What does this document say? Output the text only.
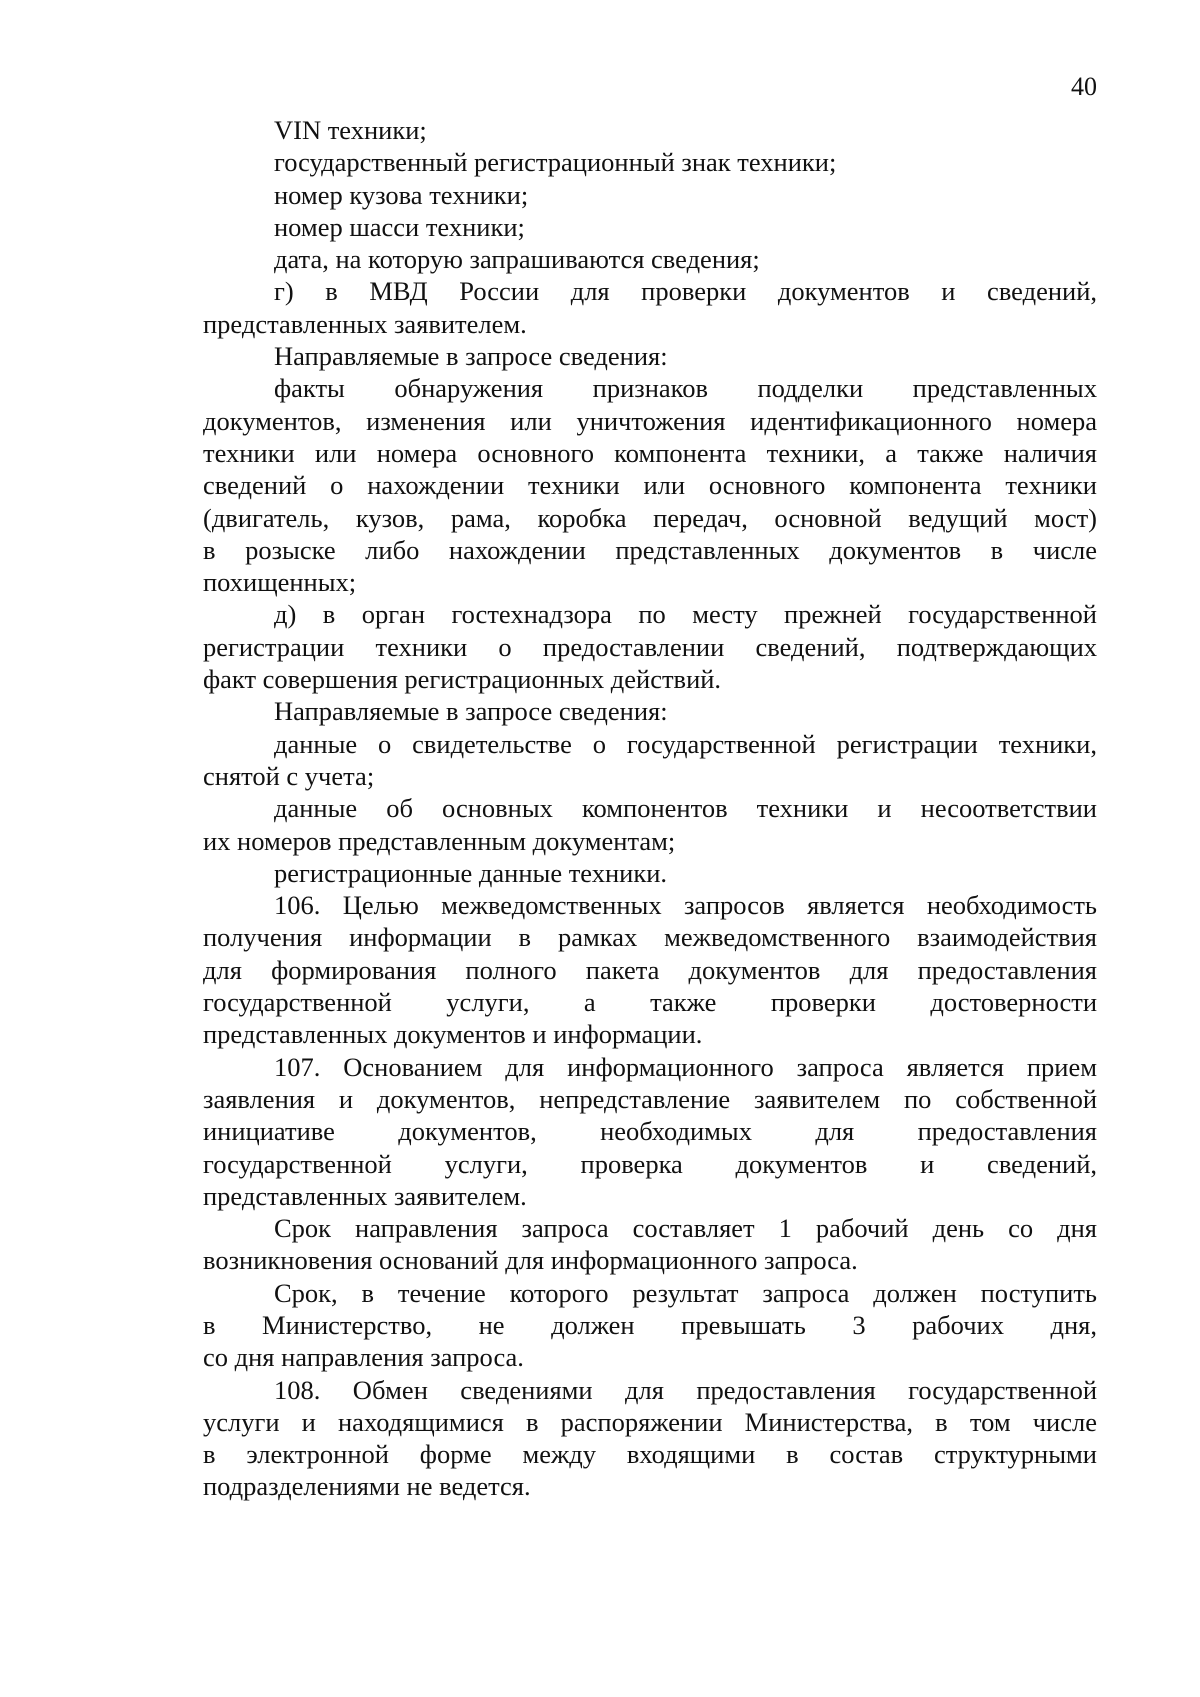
40
VIN техники;
государственный регистрационный знак техники;
номер кузова техники;
номер шасси техники;
дата, на которую запрашиваются сведения;
г) в МВД России для проверки документов и сведений,
представленных заявителем.
Направляемые в запросе сведения:
факты обнаружения признаков подделки представленных
документов, изменения или уничтожения идентификационного номера
техники или номера основного компонента техники, а также наличия
сведений о нахождении техники или основного компонента техники
(двигатель, кузов, рама, коробка передач, основной ведущий мост)
в розыске либо нахождении представленных документов в числе
похищенных;
д) в орган гостехнадзора по месту прежней государственной
регистрации техники о предоставлении сведений, подтверждающих
факт совершения регистрационных действий.
Направляемые в запросе сведения:
данные о свидетельстве о государственной регистрации техники,
снятой с учета;
данные об основных компонентов техники и несоответствии
их номеров представленным документам;
регистрационные данные техники.
106. Целью межведомственных запросов является необходимость
получения информации в рамках межведомственного взаимодействия
для формирования полного пакета документов для предоставления
государственной услуги, а также проверки достоверности
представленных документов и информации.
107. Основанием для информационного запроса является прием
заявления и документов, непредставление заявителем по собственной
инициативе документов, необходимых для предоставления
государственной услуги, проверка документов и сведений,
представленных заявителем.
Срок направления запроса составляет 1 рабочий день со дня
возникновения оснований для информационного запроса.
Срок, в течение которого результат запроса должен поступить
в Министерство, не должен превышать 3 рабочих дня,
со дня направления запроса.
108. Обмен сведениями для предоставления государственной
услуги и находящимися в распоряжении Министерства, в том числе
в электронной форме между входящими в состав структурными
подразделениями не ведется.
